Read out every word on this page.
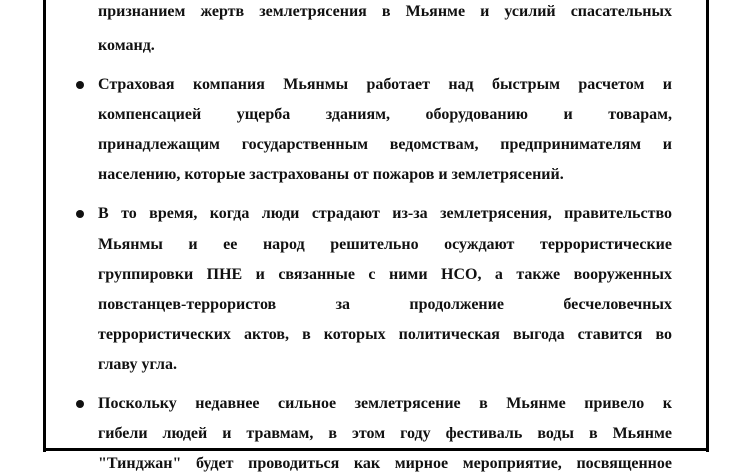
признанием жертв землетрясения в Мьянме и усилий спасательных
команд.
Страховая компания Мьянмы работает над быстрым расчетом и
компенсацией ущерба зданиям, оборудованию и товарам,
принадлежащим государственным ведомствам, предпринимателям и
населению, которые застрахованы от пожаров и землетрясений.
В то время, когда люди страдают из-за землетрясения, правительство
Мьянмы и ее народ решительно осуждают террористические
группировки ПНЕ и связанные с ними НСО, а также вооруженных
повстанцев-террористов за продолжение бесчеловечных
террористических актов, в которых политическая выгода ставится во
главу угла.
Поскольку недавнее сильное землетрясение в Мьянме привело к
гибели людей и травмам, в этом году фестиваль воды в Мьянме
"Тинджан" будет проводиться как мирное мероприятие, посвященное
